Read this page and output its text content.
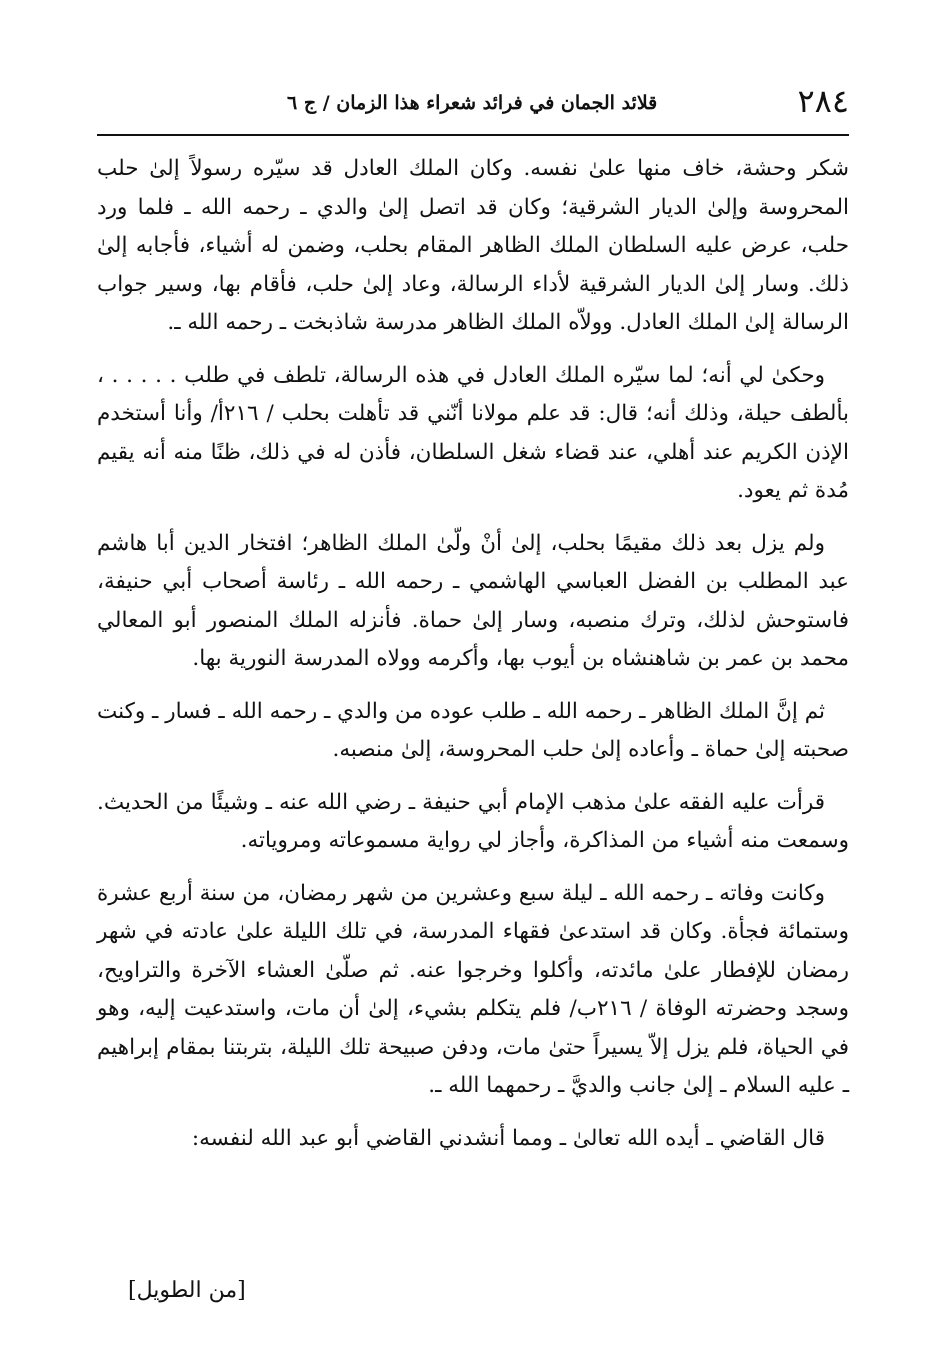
٢٨٤
قلائد الجمان في فرائد شعراء هذا الزمان / ج ٦

شكر وحشة، خاف منها علىٰ نفسه. وكان الملك العادل قد سيّره رسولاً إلىٰ حلب المحروسة وإلىٰ الديار الشرقية؛ وكان قد اتصل إلىٰ والدي ـ رحمه الله ـ فلما ورد حلب، عرض عليه السلطان الملك الظاهر المقام بحلب، وضمن له أشياء، فأجابه إلىٰ ذلك. وسار إلىٰ الديار الشرقية لأداء الرسالة، وعاد إلىٰ حلب، فأقام بها، وسير جواب الرسالة إلىٰ الملك العادل. وولاّه الملك الظاهر مدرسة شاذبخت ـ رحمه الله ـ.

وحكىٰ لي أنه؛ لما سيّره الملك العادل في هذه الرسالة، تلطف في طلب . . . . . ، بألطف حيلة، وذلك أنه؛ قال: قد علم مولانا أنّني قد تأهلت بحلب / ٢١٦أ/ وأنا أستخدم الإذن الكريم عند أهلي، عند قضاء شغل السلطان، فأذن له في ذلك، ظنًا منه أنه يقيم مُدة ثم يعود.

ولم يزل بعد ذلك مقيمًا بحلب، إلىٰ أنْ ولّىٰ الملك الظاهر؛ افتخار الدين أبا هاشم عبد المطلب بن الفضل العباسي الهاشمي ـ رحمه الله ـ رئاسة أصحاب أبي حنيفة، فاستوحش لذلك، وترك منصبه، وسار إلىٰ حماة. فأنزله الملك المنصور أبو المعالي محمد بن عمر بن شاهنشاه بن أيوب بها، وأكرمه وولاه المدرسة النورية بها.

ثم إنَّ الملك الظاهر ـ رحمه الله ـ طلب عوده من والدي ـ رحمه الله ـ فسار ـ وكنت صحبته إلىٰ حماة ـ وأعاده إلىٰ حلب المحروسة، إلىٰ منصبه.

قرأت عليه الفقه علىٰ مذهب الإمام أبي حنيفة ـ رضي الله عنه ـ وشيئًا من الحديث. وسمعت منه أشياء من المذاكرة، وأجاز لي رواية مسموعاته ومروياته.

وكانت وفاته ـ رحمه الله ـ ليلة سبع وعشرين من شهر رمضان، من سنة أربع عشرة وستمائة فجأة. وكان قد استدعىٰ فقهاء المدرسة، في تلك الليلة علىٰ عادته في شهر رمضان للإفطار علىٰ مائدته، وأكلوا وخرجوا عنه. ثم صلّىٰ العشاء الآخرة والتراويح، وسجد وحضرته الوفاة / ٢١٦ب/ فلم يتكلم بشيء، إلىٰ أن مات، واستدعيت إليه، وهو في الحياة، فلم يزل إلاّ يسيراً حتىٰ مات، ودفن صبيحة تلك الليلة، بتربتنا بمقام إبراهيم ـ عليه السلام ـ إلىٰ جانب والديَّ ـ رحمهما الله ـ.

قال القاضي ـ أيده الله تعالىٰ ـ ومما أنشدني القاضي أبو عبد الله لنفسه:

[من الطويل]
